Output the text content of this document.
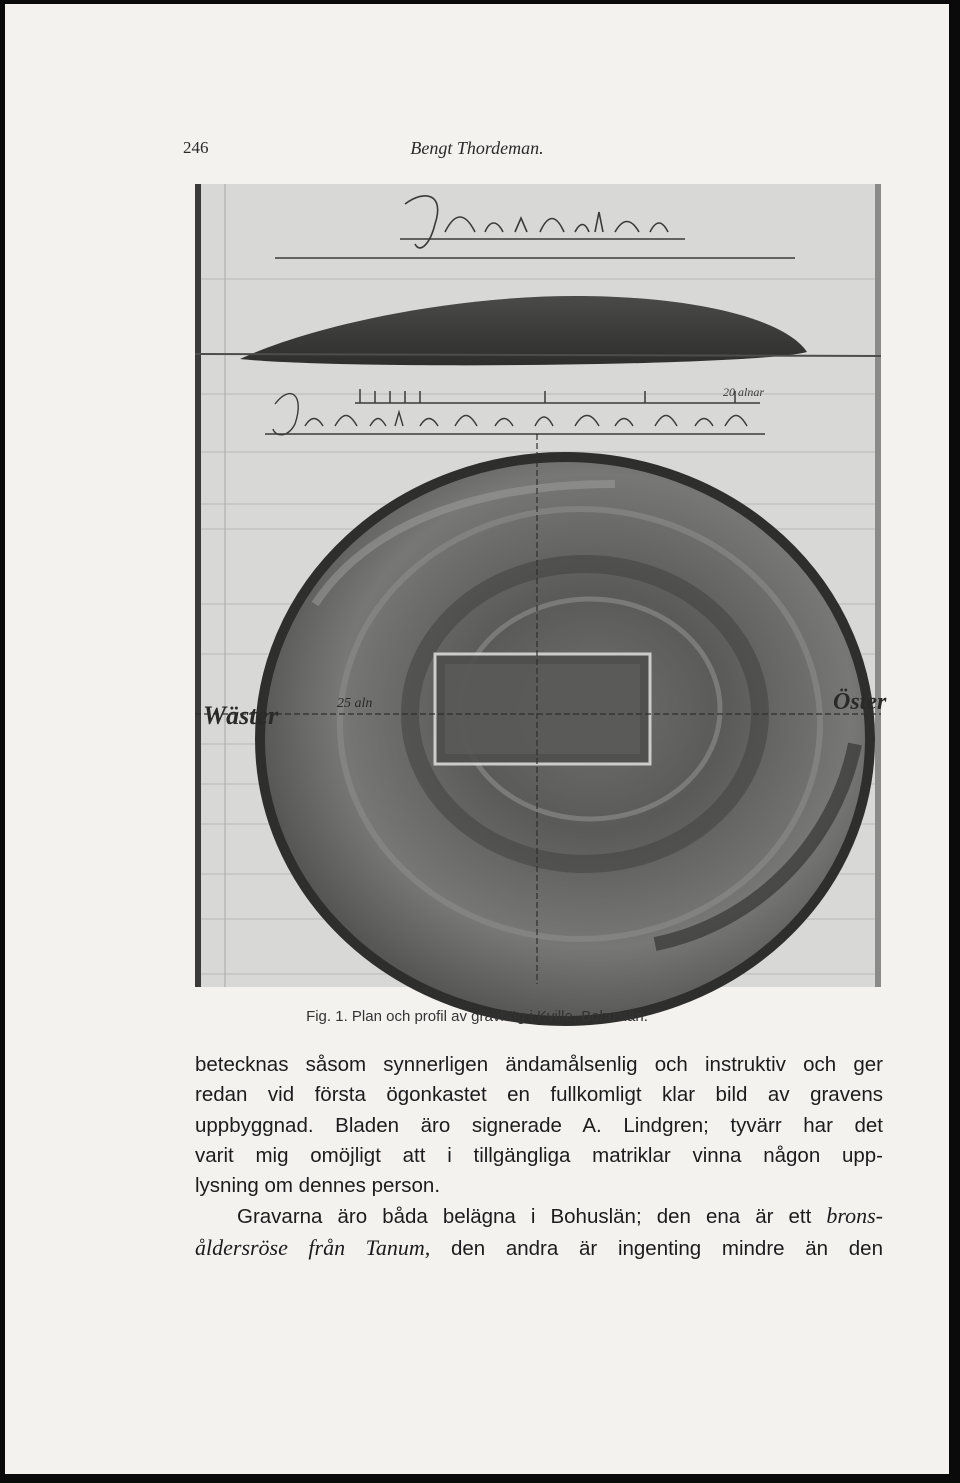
246	Bengt Thordeman.
20 alnar
Wäster	25 aln	Öster
Fig. 1. Plan och profil av gravhög i Kville, Bohuslän.

betecknas såsom synnerligen ändamålsenlig och instruktiv och ger

redan vid första ögonkastet en fullkomligt klar bild av gravens

uppbyggnad. Bladen äro signerade A. Lindgren; tyvärr har det

varit mig omöjligt att i tillgängliga matriklar vinna någon upp-

lysning om dennes person.

Gravarna äro båda belägna i Bohuslän; den ena är ett brons-

åldersröse från Tanum, den andra är ingenting mindre än den
